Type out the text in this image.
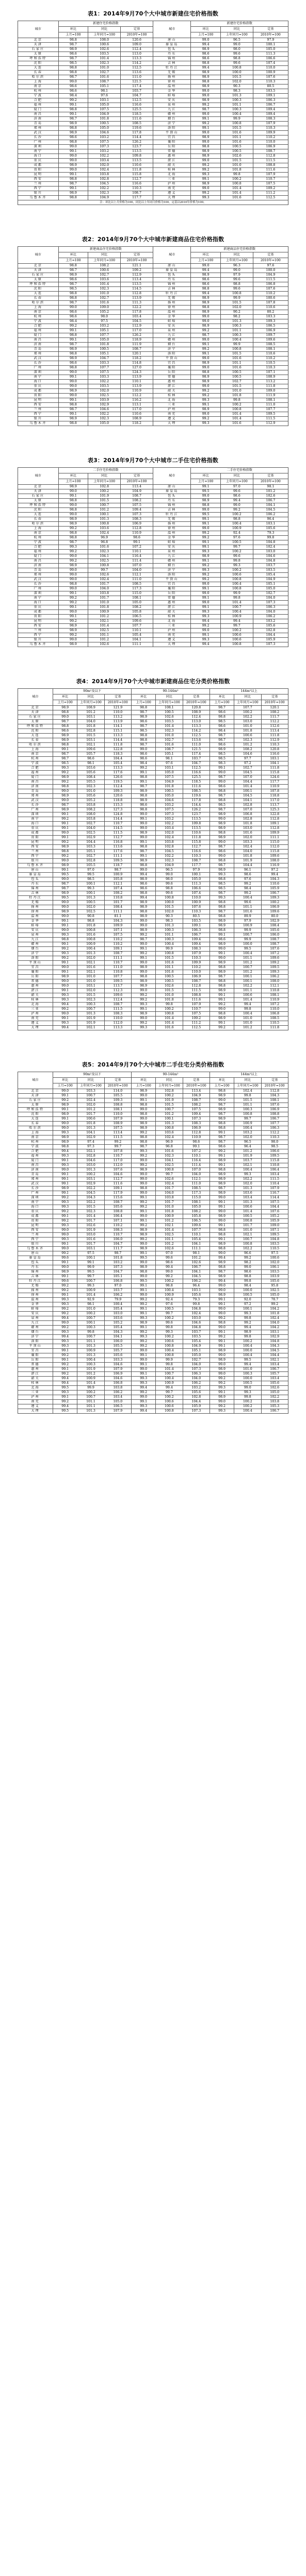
表1：2014年9月70个大中城市新建住宅价格指数
城市	新建住宅价格指数			城市	新建住宅价格指数		
	环比	同比	定基		环比	同比	定基
	上月=100	上年同月=100	2010年=100		上月=100	上年同月=100	2010年=100
北京	98.8	108.0	120.6	唐山	99.0	96.5	97.9
天津	98.7	100.6	109.0	秦皇岛	99.4	99.0	100.1
石家庄	98.9	102.6	112.4	包头	98.9	98.0	105.0
太原	98.6	103.5	113.0	丹东	98.6	99.6	111.3
呼和浩特	98.7	101.4	113.3	锦州	98.6	98.8	106.6
沈阳	98.5	102.3	114.2	吉林	98.8	99.6	107.4
大连	98.8	101.0	112.5	牡丹江	99.4	100.8	110.0
长春	98.8	102.7	113.6	无锡	98.9	100.0	100.9
哈尔滨	98.7	101.6	111.0	扬州	98.9	101.5	107.6
上海	99.0	108.7	121.5	徐州	98.8	102.0	110.3
南京	98.6	105.1	117.4	温州	98.9	90.3	80.5
杭州	98.6	98.1	103.7	金华	99.0	98.3	103.5
宁波	98.4	97.6	104.7	蚌埠	99.0	101.3	109.1
合肥	99.2	103.1	112.5	安庆	98.9	100.3	106.3
福州	99.1	105.0	116.6	泉州	99.2	101.1	106.7
厦门	98.8	107.5	125.5	九江	98.7	100.3	109.4
南昌	99.1	104.9	118.5	赣州	99.0	100.4	109.4
济南	98.7	101.8	111.6	烟台	99.1	99.9	108.3
青岛	98.9	100.5	108.5	济宁	99.2	100.8	107.9
郑州	98.8	105.0	119.6	洛阳	99.1	101.5	110.3
武汉	98.9	104.6	117.8	平顶山	99.0	101.6	109.9
长沙	98.6	103.2	114.4	宜昌	98.9	101.1	110.2
广州	98.8	107.5	126.2	襄阳	99.0	101.6	110.0
深圳	99.0	107.3	123.7	岳阳	98.8	100.5	106.9
南宁	99.1	103.2	113.5	常德	98.9	100.5	108.7
海口	99.0	102.2	109.8	惠州	98.9	102.6	112.8
重庆	99.0	103.4	113.5	湛江	99.0	101.5	111.5
成都	98.9	102.0	110.6	韶关	99.2	101.0	108.8
贵阳	99.0	102.4	111.8	桂林	99.2	101.8	111.6
昆明	99.1	103.8	115.8	北海	99.3	99.8	107.9
西安	98.8	102.8	112.7	三亚	99.1	100.2	110.7
兰州	98.7	104.5	116.6	泸州	98.9	100.8	107.5
西宁	99.1	102.2	110.3	南充	99.0	101.4	109.2
银川	98.9	102.3	108.7	遵义	99.2	101.4	111.2
乌鲁木齐	98.8	104.9	117.7	大理	99.3	101.6	112.5
注：环比以上月价格为100，同比以上年同月价格为100，定基以2010年价格为100。							
表2：2014年9月70个大中城市新建商品住宅价格指数
城市	新建商品住宅价格指数			城市	新建商品住宅价格指数		
	环比	同比	定基		环比	同比	定基
	上月=100	上年同月=100	2010年=100		上月=100	上年同月=100	2010年=100
北京	98.8	108.2	121.1	唐山	99.0	96.3	97.6
天津	98.7	100.6	109.2	秦皇岛	99.4	99.0	100.0
石家庄	98.9	102.7	112.9	包头	98.9	97.9	104.9
太原	98.6	103.6	113.4	丹东	98.6	99.6	111.5
呼和浩特	98.7	101.4	113.5	锦州	98.6	98.8	106.8
沈阳	98.5	102.3	114.5	吉林	98.8	99.6	107.6
大连	98.8	101.0	112.8	牡丹江	99.4	100.8	110.2
长春	98.8	102.7	113.9	无锡	98.9	99.9	100.6
哈尔滨	98.7	101.6	111.3	扬州	98.9	101.5	107.8
上海	99.0	109.0	122.2	徐州	98.8	102.0	110.6
南京	98.6	105.2	117.8	温州	98.9	90.2	80.2
杭州	98.6	98.0	103.4	金华	99.0	98.2	103.3
宁波	98.4	97.5	104.5	蚌埠	99.0	101.3	109.3
合肥	99.2	103.2	112.9	安庆	98.9	100.3	106.5
福州	99.1	105.1	117.0	泉州	99.2	101.1	106.9
厦门	98.8	107.7	126.2	九江	98.7	100.3	109.7
南昌	99.1	105.0	118.9	赣州	99.0	100.4	109.6
济南	98.7	101.8	111.9	烟台	99.1	99.9	108.5
青岛	98.9	100.5	108.7	济宁	99.2	100.8	108.1
郑州	98.8	105.1	120.1	洛阳	99.1	101.5	110.6
武汉	98.9	104.7	118.2	平顶山	99.0	101.6	110.2
长沙	98.6	103.3	114.8	宜昌	98.9	101.1	110.5
广州	98.8	107.7	127.0	襄阳	99.0	101.6	110.3
深圳	99.0	107.5	124.3	岳阳	98.8	100.5	107.1
南宁	99.1	103.3	113.9	常德	98.9	100.5	108.9
海口	99.0	102.2	110.1	惠州	98.9	102.7	113.2
重庆	99.0	103.5	113.9	湛江	99.0	101.5	111.8
成都	98.9	102.0	110.9	韶关	99.2	101.0	109.0
贵阳	99.0	102.5	112.2	桂林	99.2	101.8	111.9
昆明	99.1	103.9	116.2	北海	99.3	99.8	108.1
西安	98.8	102.9	113.1	三亚	99.1	100.2	111.0
兰州	98.7	104.6	117.0	泸州	98.9	100.8	107.7
西宁	99.1	102.2	110.6	南充	99.0	101.4	109.5
银川	98.9	102.3	108.9	遵义	99.2	101.4	111.5
乌鲁木齐	98.8	105.0	118.2	大理	99.3	101.6	112.9
表3：2014年9月70个大中城市二手住宅价格指数
城市	二手住宅价格指数			城市	二手住宅价格指数		
	环比	同比	定基		环比	同比	定基
	上月=100	上年同月=100	2010年=100		上月=100	上年同月=100	2010年=100
北京	98.9	102.8	113.4	唐山	99.1	97.0	98.1
天津	99.0	100.2	104.9	秦皇岛	99.5	99.6	101.2
石家庄	99.1	101.9	108.7	包头	99.0	98.6	102.6
太原	98.8	101.5	108.2	丹东	98.9	99.4	106.7
呼和浩特	99.0	100.7	107.5	锦州	98.8	99.0	104.1
沈阳	98.8	101.2	109.4	吉林	99.0	99.2	104.5
大连	99.0	100.1	107.3	牡丹江	99.5	100.2	106.2
长春	98.9	101.3	108.3	无锡	99.1	98.8	96.4
哈尔滨	98.9	100.8	106.9	扬州	99.1	100.4	103.1
上海	99.2	103.6	112.8	徐州	99.0	100.9	105.6
南京	98.8	102.4	110.9	温州	99.2	92.4	79.3
杭州	98.8	96.9	98.6	金华	99.2	97.6	99.8
宁波	98.7	96.8	99.1	蚌埠	99.1	100.5	104.8
合肥	99.3	101.6	107.2	安庆	99.1	99.7	102.4
福州	99.2	102.3	110.1	泉州	99.3	100.2	103.0
厦门	99.0	104.1	116.4	九江	98.9	99.6	104.6
南昌	99.2	102.5	111.4	赣州	99.1	99.8	104.8
济南	98.9	100.8	107.0	烟台	99.2	99.3	103.7
青岛	99.0	99.7	104.0	济宁	99.3	100.2	103.5
郑州	99.0	102.6	112.1	洛阳	99.2	100.6	105.4
武汉	99.0	102.4	111.0	平顶山	99.2	100.8	104.9
长沙	98.8	101.7	108.5	宜昌	99.0	100.4	105.1
广州	99.0	104.0	117.3	襄阳	99.1	100.8	105.0
深圳	99.1	103.8	115.0	岳阳	99.0	99.9	102.7
南宁	99.2	101.7	108.1	常德	99.1	99.8	104.0
海口	99.2	101.0	105.0	惠州	99.0	101.4	107.3
重庆	99.1	101.8	108.2	湛江	99.1	100.7	106.3
成都	99.0	100.9	105.8	韶关	99.3	100.4	104.0
贵阳	99.1	101.2	106.5	桂林	99.3	100.9	106.2
昆明	99.2	102.1	109.6	北海	99.4	99.4	103.2
西安	98.9	101.4	107.7	三亚	99.2	99.7	105.6
兰州	98.9	102.5	110.1	泸州	99.0	100.2	102.8
西宁	99.2	101.1	105.4	南充	99.1	100.6	104.4
银川	99.0	101.2	104.1	遵义	99.3	100.6	105.9
乌鲁木齐	98.9	102.6	111.1	大理	99.4	100.8	107.3
表4：2014年9月70个大中城市新建商品住宅分类价格指数
城市	90m²及以下			90-144m²			144m²以上		
	环比	同比	定基	环比	同比	定基	环比	同比	定基
	上月=100	上年同月=100	2010年=100	上月=100	上年同月=100	2010年=100	上月=100	上年同月=100	2010年=100
北京	98.9	108.9	121.9	98.8	108.1	120.8	98.7	107.7	120.1
天津	98.8	101.2	110.0	98.7	100.5	108.9	98.6	100.2	108.2
石家庄	99.0	103.1	113.2	98.9	102.6	112.4	98.8	102.2	111.7
太原	98.7	104.0	113.9	98.6	103.5	113.0	98.5	103.0	112.2
呼和浩特	98.8	101.8	114.1	98.7	101.4	113.3	98.6	101.0	112.6
沈阳	98.6	102.8	115.1	98.5	102.3	114.2	98.4	101.8	113.4
大连	98.9	101.5	113.3	98.8	101.0	112.5	98.7	100.6	111.8
长春	98.9	103.1	114.4	98.8	102.7	113.6	98.7	102.3	112.9
哈尔滨	98.8	102.1	111.8	98.7	101.6	111.0	98.6	101.2	110.3
上海	99.1	109.6	122.8	99.0	108.7	121.5	98.9	108.2	120.8
南京	98.7	105.7	118.3	98.6	105.1	117.4	98.5	104.6	116.6
杭州	98.7	98.6	104.4	98.6	98.1	103.7	98.5	97.7	103.1
宁波	98.5	98.1	105.4	98.4	97.6	104.7	98.3	97.2	104.1
合肥	99.3	103.6	113.3	99.2	103.1	112.5	99.1	102.7	111.8
福州	99.2	105.6	117.6	99.1	105.0	116.6	99.0	104.5	115.8
厦门	98.9	108.4	126.6	98.8	107.5	125.5	98.7	107.0	124.6
南昌	99.2	105.5	119.5	99.1	104.9	118.5	99.0	104.4	117.7
济南	98.8	102.3	112.4	98.7	101.8	111.6	98.6	101.4	110.9
青岛	99.0	101.0	109.3	98.9	100.5	108.5	98.8	100.1	107.8
郑州	98.9	105.6	120.6	98.8	105.0	119.6	98.7	104.5	118.8
武汉	99.0	105.2	118.8	98.9	104.6	117.8	98.8	104.1	117.0
长沙	98.7	103.8	115.3	98.6	103.2	114.4	98.5	102.8	113.7
广州	98.9	108.2	127.3	98.8	107.5	126.2	98.7	107.0	125.3
深圳	99.1	108.0	124.8	99.0	107.3	123.7	98.9	106.8	122.8
南宁	99.2	103.8	114.4	99.1	103.2	113.5	99.0	102.8	112.8
海口	99.1	102.7	110.7	99.0	102.2	109.8	98.9	101.8	109.1
重庆	99.1	104.0	114.5	99.0	103.4	113.5	98.9	103.0	112.8
成都	99.0	102.5	111.5	98.9	102.0	110.6	98.8	101.6	109.9
贵阳	99.1	102.9	112.7	99.0	102.4	111.8	98.9	102.0	111.1
昆明	99.2	104.4	116.8	99.1	103.8	115.8	99.0	103.3	115.0
西安	98.9	103.3	113.6	98.8	102.8	112.7	98.7	102.4	112.0
兰州	98.8	105.1	117.6	98.7	104.5	116.6	98.6	104.0	115.8
西宁	99.2	102.7	111.1	99.1	102.2	110.3	99.0	101.8	109.6
银川	99.0	102.8	109.5	98.9	102.3	108.7	98.8	101.9	108.0
乌鲁木齐	98.9	105.5	118.7	98.8	104.9	117.7	98.7	104.4	116.9
唐山	99.1	97.0	98.7	99.0	96.5	97.9	98.9	96.1	97.2
秦皇岛	99.5	99.5	100.9	99.4	99.0	100.1	99.3	98.6	99.4
包头	99.0	98.5	105.8	98.9	98.0	105.0	98.8	97.6	104.3
丹东	98.7	100.1	112.1	98.6	99.6	111.3	98.5	99.2	110.6
锦州	98.7	99.3	107.4	98.6	98.8	106.6	98.5	98.4	105.9
吉林	98.9	100.1	108.2	98.8	99.6	107.4	98.7	99.2	106.7
牡丹江	99.5	101.3	110.8	99.4	100.8	110.0	99.3	100.4	109.3
无锡	99.0	100.5	101.7	98.9	100.0	100.9	98.8	99.6	100.2
扬州	99.0	102.0	108.4	98.9	101.5	107.6	98.8	101.1	106.9
徐州	98.9	102.5	111.1	98.8	102.0	110.3	98.7	101.6	109.6
温州	99.0	90.8	81.1	98.9	90.3	80.5	98.8	89.9	80.0
金华	99.1	98.8	104.3	99.0	98.3	103.5	98.9	97.9	102.9
蚌埠	99.1	101.8	109.9	99.0	101.3	109.1	98.9	100.9	108.4
安庆	99.0	100.8	107.1	98.9	100.3	106.3	98.8	99.9	105.6
泉州	99.3	101.6	107.5	99.2	101.1	106.7	99.1	100.7	106.0
九江	98.8	100.8	110.2	98.7	100.3	109.4	98.6	99.9	108.7
赣州	99.1	100.9	110.2	99.0	100.4	109.4	98.9	100.0	108.7
烟台	99.2	100.4	109.1	99.1	99.9	108.3	99.0	99.5	107.6
济宁	99.3	101.3	108.7	99.2	100.8	107.9	99.1	100.4	107.2
洛阳	99.2	102.0	111.1	99.1	101.5	110.3	99.0	101.1	109.6
平顶山	99.1	102.1	110.7	99.0	101.6	109.9	98.9	101.2	109.2
宜昌	99.0	101.6	111.0	98.9	101.1	110.2	98.8	100.7	109.5
襄阳	99.1	102.1	110.8	99.0	101.6	110.0	98.9	101.2	109.3
岳阳	98.9	101.0	107.7	98.8	100.5	106.9	98.7	100.1	106.2
常德	99.0	101.0	109.5	98.9	100.5	108.7	98.8	100.1	108.0
惠州	99.0	103.1	113.7	98.9	102.6	112.8	98.8	102.2	112.1
湛江	99.1	102.0	112.3	99.0	101.5	111.5	98.9	101.1	110.8
韶关	99.3	101.5	109.6	99.2	101.0	108.8	99.1	100.6	108.1
桂林	99.3	102.3	112.4	99.2	101.8	111.6	99.1	101.4	110.9
北海	99.4	100.3	108.7	99.3	99.8	107.9	99.2	99.4	107.2
三亚	99.2	100.7	111.5	99.1	100.2	110.7	99.0	99.8	110.0
泸州	99.0	101.3	108.3	98.9	100.8	107.5	98.8	100.4	106.8
南充	99.1	101.9	110.0	99.0	101.4	109.2	98.9	101.0	108.5
遵义	99.3	101.9	112.0	99.2	101.4	111.2	99.1	101.0	110.5
大理	99.4	102.1	113.3	99.3	101.6	112.5	99.2	101.2	111.8
表5：2014年9月70个大中城市二手住宅分类价格指数
城市	90m²及以下			90-144m²			144m²以上		
	环比	同比	定基	环比	同比	定基	环比	同比	定基
	上月=100	上年同月=100	2010年=100	上月=100	上年同月=100	2010年=100	上月=100	上年同月=100	2010年=100
北京	99.0	103.3	114.0	98.9	102.8	113.4	98.8	102.4	112.8
天津	99.1	100.7	105.5	99.0	100.2	104.9	98.9	99.8	104.3
石家庄	99.2	102.4	109.3	99.1	101.9	108.7	99.0	101.5	108.1
太原	98.9	102.0	108.8	98.8	101.5	108.2	98.7	101.1	107.6
呼和浩特	99.1	101.2	108.1	99.0	100.7	107.5	98.9	100.3	106.9
沈阳	98.9	101.7	110.0	98.8	101.2	109.4	98.7	100.8	108.8
大连	99.1	100.6	107.9	99.0	100.1	107.3	98.9	99.7	106.7
长春	99.0	101.8	108.9	98.9	101.3	108.3	98.8	100.9	107.7
哈尔滨	99.0	101.3	107.5	98.9	100.8	106.9	98.8	100.4	106.3
上海	99.3	104.1	113.4	99.2	103.6	112.8	99.1	103.2	112.2
南京	98.9	102.9	111.5	98.8	102.4	110.9	98.7	102.0	110.3
杭州	98.9	97.4	99.2	98.8	96.9	98.6	98.7	96.5	98.0
宁波	98.8	97.3	99.7	98.7	96.8	99.1	98.6	96.4	98.5
合肥	99.4	102.1	107.8	99.3	101.6	107.2	99.2	101.2	106.6
福州	99.3	102.8	110.7	99.2	102.3	110.1	99.1	101.9	109.5
厦门	99.1	104.6	117.0	99.0	104.1	116.4	98.9	103.7	115.8
南昌	99.3	103.0	112.0	99.2	102.5	111.4	99.1	102.1	110.8
济南	99.0	101.3	107.6	98.9	100.8	107.0	98.8	100.4	106.4
青岛	99.1	100.2	104.6	99.0	99.7	104.0	98.9	99.3	103.4
郑州	99.1	103.1	112.7	99.0	102.6	112.1	98.9	102.2	111.5
武汉	99.1	102.9	111.6	99.0	102.4	111.0	98.9	102.0	110.4
长沙	98.9	102.2	109.1	98.8	101.7	108.5	98.7	101.3	107.9
广州	99.1	104.5	117.9	99.0	104.0	117.3	98.9	103.6	116.7
深圳	99.2	104.3	115.6	99.1	103.8	115.0	99.0	103.4	114.4
南宁	99.3	102.2	108.7	99.2	101.7	108.1	99.1	101.3	107.5
海口	99.3	101.5	105.6	99.2	101.0	105.0	99.1	100.6	104.4
重庆	99.2	102.3	108.8	99.1	101.8	108.2	99.0	101.4	107.6
成都	99.1	101.4	106.4	99.0	100.9	105.8	98.9	100.5	105.2
贵阳	99.2	101.7	107.1	99.1	101.2	106.5	99.0	100.8	105.9
昆明	99.3	102.6	110.2	99.2	102.1	109.6	99.1	101.7	109.0
西安	99.0	101.9	108.3	98.9	101.4	107.7	98.8	101.0	107.1
兰州	99.0	103.0	110.7	98.9	102.5	110.1	98.8	102.1	109.5
西宁	99.3	101.6	106.0	99.2	101.1	105.4	99.1	100.7	104.8
银川	99.1	101.7	104.7	99.0	101.2	104.1	98.9	100.8	103.5
乌鲁木齐	99.0	103.1	111.7	98.9	102.6	111.1	98.8	102.2	110.5
唐山	99.2	97.5	98.7	99.1	97.0	98.1	99.0	96.6	97.5
秦皇岛	99.6	100.1	101.8	99.5	99.6	101.2	99.4	99.2	100.6
包头	99.1	99.1	103.2	99.0	98.6	102.6	98.9	98.2	102.0
丹东	99.0	99.9	107.3	98.9	99.4	106.7	98.8	99.0	106.1
锦州	98.9	99.5	104.7	98.8	99.0	104.1	98.7	98.6	103.5
吉林	99.1	99.7	105.1	99.0	99.2	104.5	98.9	98.8	103.9
牡丹江	99.6	100.7	106.8	99.5	100.2	106.2	99.4	99.8	105.6
无锡	99.2	99.3	97.0	99.1	98.8	96.4	99.0	98.4	95.8
扬州	99.2	100.9	103.7	99.1	100.4	103.1	99.0	100.0	102.5
徐州	99.1	101.4	106.2	99.0	100.9	105.6	98.9	100.5	105.0
温州	99.3	92.9	79.9	99.2	92.4	79.3	99.1	92.0	78.7
金华	99.3	98.1	100.4	99.2	97.6	99.8	99.1	97.2	99.2
蚌埠	99.2	101.0	105.4	99.1	100.5	104.8	99.0	100.1	104.2
安庆	99.2	100.2	103.0	99.1	99.7	102.4	99.0	99.3	101.8
泉州	99.4	100.7	103.6	99.3	100.2	103.0	99.2	99.8	102.4
九江	99.0	100.1	105.2	98.9	99.6	104.6	98.8	99.2	104.0
赣州	99.2	100.3	105.4	99.1	99.8	104.8	99.0	99.4	104.2
烟台	99.3	99.8	104.3	99.2	99.3	103.7	99.1	98.9	103.1
济宁	99.4	100.7	104.1	99.3	100.2	103.5	99.2	99.8	102.9
洛阳	99.3	101.1	106.0	99.2	100.6	105.4	99.1	100.2	104.8
平顶山	99.3	101.3	105.5	99.2	100.8	104.9	99.1	100.4	104.3
宜昌	99.1	100.9	105.7	99.0	100.4	105.1	98.9	100.0	104.5
襄阳	99.2	101.3	105.6	99.1	100.8	105.0	99.0	100.4	104.4
岳阳	99.1	100.4	103.3	99.0	99.9	102.7	98.9	99.5	102.1
常德	99.2	100.3	104.6	99.1	99.8	104.0	99.0	99.4	103.4
惠州	99.1	101.9	107.9	99.0	101.4	107.3	98.9	101.0	106.7
湛江	99.2	101.2	106.9	99.1	100.7	106.3	99.0	100.3	105.7
韶关	99.4	100.9	104.6	99.3	100.4	104.0	99.2	100.0	103.4
桂林	99.4	101.4	106.8	99.3	100.9	106.2	99.2	100.5	105.6
北海	99.5	99.9	103.8	99.4	99.4	103.2	99.3	99.0	102.6
三亚	99.3	100.2	106.2	99.2	99.7	105.6	99.1	99.3	105.0
泸州	99.1	100.7	103.4	99.0	100.2	102.8	98.9	99.8	102.2
南充	99.2	101.1	105.0	99.1	100.6	104.4	99.0	100.2	103.8
遵义	99.4	101.1	106.5	99.3	100.6	105.9	99.2	100.2	105.3
大理	99.5	101.3	107.9	99.4	100.8	107.3	99.3	100.4	106.7
